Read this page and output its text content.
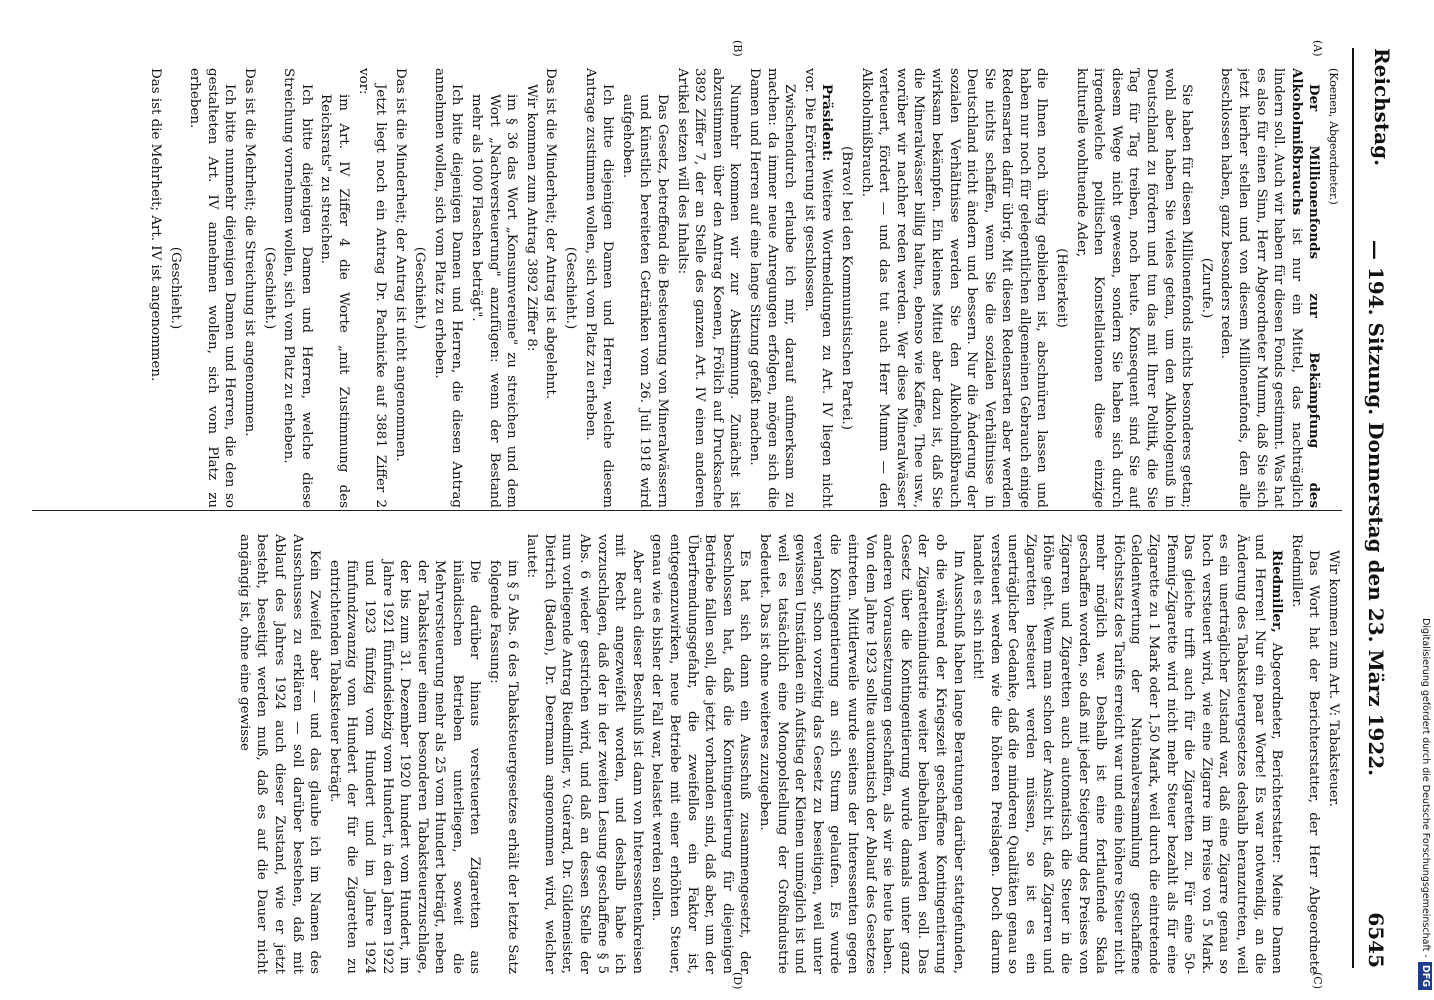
Reichstag.
— 194. Sitzung. Donnerstag den 23. März 1922.
6545
(A)
(B)
(C)
(D)

(Koenen, Abgeordneter.)

Der Millionenfonds zur Bekämpfung des Alkoholmißbrauchs ist nur ein Mittel, das nachträglich lindern soll. Auch wir haben für diesen Fonds gestimmt. Was hat es also für einen Sinn, Herr Abgeordneter Mumm, daß Sie sich jetzt hierher stellen und von diesem Millionenfonds, den alle beschlossen haben, ganz besonders reden.

(Zurufe.)

Sie haben für diesen Millionenfonds nichts besonderes getan; wohl aber haben Sie vieles getan, um den Alkoholgenuß in Deutschland zu fördern und tun das mit Ihrer Politik, die Sie Tag für Tag treiben, noch heute. Konsequent sind Sie auf diesem Wege nicht gewesen, sondern Sie haben sich durch irgendwelche politischen Konstellationen diese einzige kulturelle wohltuende Ader,

(Heiterkeit)

die Ihnen noch übrig geblieben ist, abschnüren lassen und haben nur noch für gelegentlichen allgemeinen Gebrauch einige Redensarten dafür übrig. Mit diesen Redensarten aber werden Sie nichts schaffen, wenn Sie die sozialen Verhältnisse in Deutschland nicht ändern und bessern. Nur die Änderung der sozialen Verhältnisse werden Sie den Alkoholmißbrauch wirksam bekämpfen. Ein kleines Mittel aber dazu ist, daß Sie die Mineralwässer billig halten, ebenso wie Kaffee, Thee usw., worüber wir nachher reden werden. Wer diese Mineralwässer verteuert, fördert — und das tut auch Herr Mumm — den Alkoholmißbrauch.

(Bravo! bei den Kommunistischen Partei.)

Präsident: Weitere Wortmeldungen zu Art. IV liegen nicht vor. Die Erörterung ist geschlossen.

Zwischendurch erlaube ich mir, darauf aufmerksam zu machen: da immer neue Anregungen erfolgen, mögen sich die Damen und Herren auf eine lange Sitzung gefaßt machen.

Nunmehr kommen wir zur Abstimmung. Zunächst ist abzustimmen über den Antrag Koenen, Frölich auf Drucksache 3892 Ziffer 7, der an Stelle des ganzen Art. IV einen anderen Artikel setzen will des Inhalts:

Das Gesetz, betreffend die Besteuerung von Mineralwässern und künstlich bereiteten Getränken vom 26. Juli 1918 wird aufgehoben.

Ich bitte diejenigen Damen und Herren, welche diesem Antrage zustimmen wollen, sich vom Platz zu erheben.

(Geschieht.)

Das ist die Minderheit; der Antrag ist abgelehnt.

Wir kommen zum Antrag 3892 Ziffer 8:

im § 36 das Wort „Konsumvereine" zu streichen und dem Wort „Nachversteuerung" anzufügen: wenn der Bestand mehr als 1000 Flaschen beträgt".

Ich bitte diejenigen Damen und Herren, die diesen Antrag annehmen wollen, sich vom Platz zu erheben.

(Geschieht.)

Das ist die Minderheit; der Antrag ist nicht angenommen.

Jetzt liegt noch ein Antrag Dr. Pachnicke auf 3881 Ziffer 2 vor:

im Art. IV Ziffer 4 die Worte „mit Zustimmung des Reichsrats" zu streichen.

Ich bitte diejenigen Damen und Herren, welche diese Streichung vornehmen wollen, sich vom Platz zu erheben.

(Geschieht.)

Das ist die Mehrheit; die Streichung ist angenommen.

Ich bitte nunmehr diejenigen Damen und Herren, die den so gestalteten Art. IV annehmen wollen, sich vom Platz zu erheben.

(Geschieht.)

Das ist die Mehrheit; Art. IV ist angenommen.

Wir kommen zum Art. V: Tabaksteuer.

Das Wort hat der Berichterstatter, der Herr Abgeordnete Riedmiller.

Riedmiller, Abgeordneter, Berichterstatter: Meine Damen und Herren! Nur ein paar Worte! Es war notwendig, an die Änderung des Tabaksteuergesetzes deshalb heranzutreten, weil es ein unerträglicher Zustand war, daß eine Zigarre genau so hoch versteuert wird, wie eine Zigarre im Preise von 5 Mark. Das gleiche trifft auch für die Zigaretten zu. Für eine 50-Pfennig-Zigarette wird nicht mehr Steuer bezahlt als für eine Zigarette zu 1 Mark oder 1,50 Mark, weil durch die eintretende Geldentwertung der Nationalversammlung geschaffene Höchstsatz des Tarifs erreicht war und eine höhere Steuer nicht mehr möglich war. Deshalb ist eine fortlaufende Skala geschaffen worden, so daß mit jeder Steigerung des Preises von Zigarren und Zigaretten auch automatisch die Steuer in die Höhe geht. Wenn man schon der Ansicht ist, daß Zigarren und Zigaretten besteuert werden müssen, so ist es ein unerträglicher Gedanke, daß die minderen Qualitäten genau so versteuert werden wie die höheren Preislagen. Doch darum handelt es sich nicht!

Im Ausschuß haben lange Beratungen darüber stattgefunden, ob die während der Kriegszeit geschaffene Kontingentierung der Zigarettenindustrie weiter beibehalten werden soll. Das Gesetz über die Kontingentierung wurde damals unter ganz anderen Voraussetzungen geschaffen, als wir sie heute haben. Von dem Jahre 1923 sollte automatisch der Ablauf des Gesetzes eintreten. Mittlerweile wurde seitens der Interessenten gegen die Kontingentierung an sich Sturm gelaufen. Es wurde verlangt, schon vorzeitig das Gesetz zu beseitigen, weil unter gewissen Umständen ein Aufstieg der Kleinen unmöglich ist und weil es tatsächlich eine Monopolstellung der Großindustrie bedeutet. Das ist ohne weiteres zuzugeben.

Es hat sich dann ein Ausschuß zusammengesetzt, der beschlossen hat, daß die Kontingentierung für diejenigen Betriebe fallen soll, die jetzt vorhanden sind, daß aber, um der Überfremdungsgefahr, die zweifellos ein Faktor ist, entgegenzuwirken, neue Betriebe mit einer erhöhten Steuer, genau wie es bisher der Fall war, belastet werden sollen.

Aber auch dieser Beschluß ist dann von Interessentenkreisen mit Recht angezweifelt worden, und deshalb habe ich vorzuschlagen, daß der in der zweiten Lesung geschaffene § 5 Abs. 6 wieder gestrichen wird, und daß an dessen Stelle der nun vorliegende Antrag Riedmiller, v. Guérard, Dr. Gildemeister, Dietrich (Baden), Dr. Deermann angenommen wird, welcher lautet:

im § 5 Abs. 6 des Tabaksteuergesetzes erhält der letzte Satz folgende Fassung:

Die darüber hinaus versteuerten Zigaretten aus inländischen Betrieben unterliegen, soweit die Mehrversteuerung mehr als 25 vom Hundert beträgt, neben der Tabaksteuer einem besonderen Tabaksteuerzuschlage, der bis zum 31. Dezember 1920 hundert vom Hundert, im Jahre 1921 fünfundsiebzig vom Hundert, in den Jahren 1922 und 1923 fünfzig vom Hundert und im Jahre 1924 fünfundzwanzig vom Hundert der für die Zigaretten zu entrichtenden Tabaksteuer beträgt.

Kein Zweifel aber — und das glaube ich im Namen des Ausschusses zu erklären — soll darüber bestehen, daß mit Ablauf des Jahres 1924 auch dieser Zustand, wie er jetzt besteht, beseitigt werden muß, daß es auf die Dauer nicht angängig ist, ohne eine gewisse	Digitalisierung gefördert durch die Deutsche Forschungsgemeinschaft -DFG
